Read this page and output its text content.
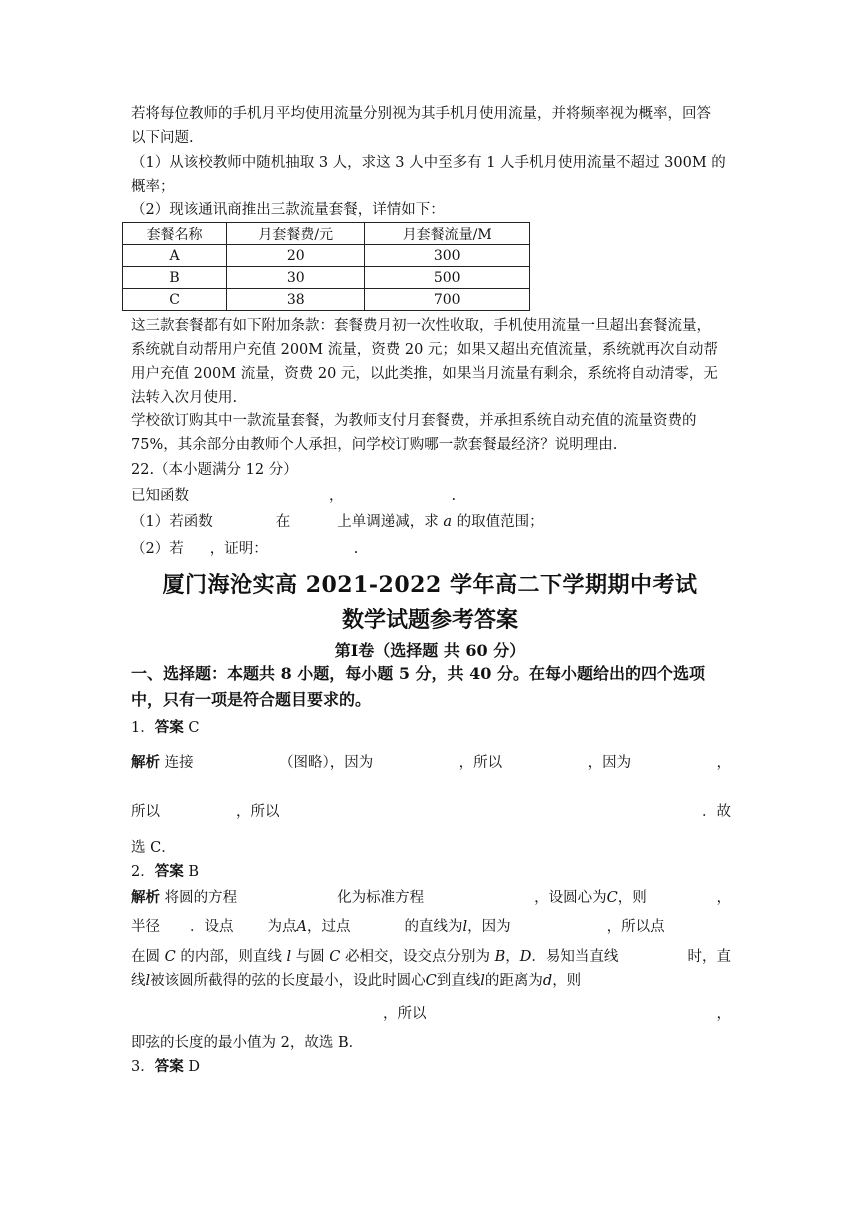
若将每位教师的手机月平均使用流量分别视为其手机月使用流量，并将频率视为概率，回答
以下问题.
（1）从该校教师中随机抽取 3 人，求这 3 人中至多有 1 人手机月使用流量不超过 300M 的
概率；
（2）现该通讯商推出三款流量套餐，详情如下：
套餐名称	月套餐费/元	月套餐流量/M
A	20	300
B	30	500
C	38	700
这三款套餐都有如下附加条款：套餐费月初一次性收取，手机使用流量一旦超出套餐流量，
系统就自动帮用户充值 200M 流量，资费 20 元；如果又超出充值流量，系统就再次自动帮
用户充值 200M 流量，资费 20 元，以此类推，如果当月流量有剩余，系统将自动清零，无
法转入次月使用.
学校欲订购其中一款流量套餐，为教师支付月套餐费，并承担系统自动充值的流量资费的
75%，其余部分由教师个人承担，问学校订购哪一款套餐最经济？说明理由.
22.（本小题满分 12 分）
已知函数	，	.
（1）若函数	在	上单调递减，求 a 的取值范围；
（2）若 ，证明：	.
厦门海沧实高 2021-2022 学年高二下学期期中考试
数学试题参考答案
第Ⅰ卷（选择题 共 60 分）
一、选择题：本题共 8 小题，每小题 5 分，共 40 分。在每小题给出的四个选项
中，只有一项是符合题目要求的。
1．答案 C
解析 连接	（图略），因为	，所以	，因为	，
所以	，所以	．故
选 C．
2．答案 B
解析 将圆的方程	化为标准方程	，设圆心为C，则	，
半径 ．设点 为点A，过点	的直线为l，因为	，所以点
在圆 C 的内部，则直线 l 与圆 C 必相交，设交点分别为 B，D．易知当直线	时，直
线l被该圆所截得的弦的长度最小，设此时圆心C到直线l的距离为d，则
，所以	，
即弦的长度的最小值为 2，故选 B．
3．答案 D
